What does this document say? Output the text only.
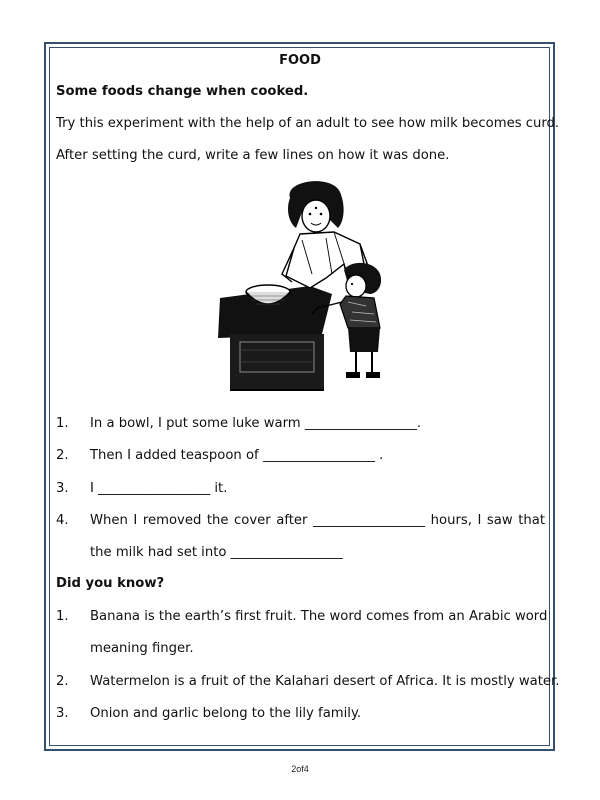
FOOD
Some foods change when cooked.
Try this experiment with the help of an adult to see how milk becomes curd.
After setting the curd, write a few lines on how it was done.
1. In a bowl, I put some luke warm _________________.
2. Then I added teaspoon of _________________ .
3. I _________________ it.
4. When I removed the cover after _________________ hours, I saw that
the milk had set into _________________
Did you know?
1. Banana is the earth’s first fruit. The word comes from an Arabic word
meaning finger.
2. Watermelon is a fruit of the Kalahari desert of Africa. It is mostly water.
3. Onion and garlic belong to the lily family.
2of4
